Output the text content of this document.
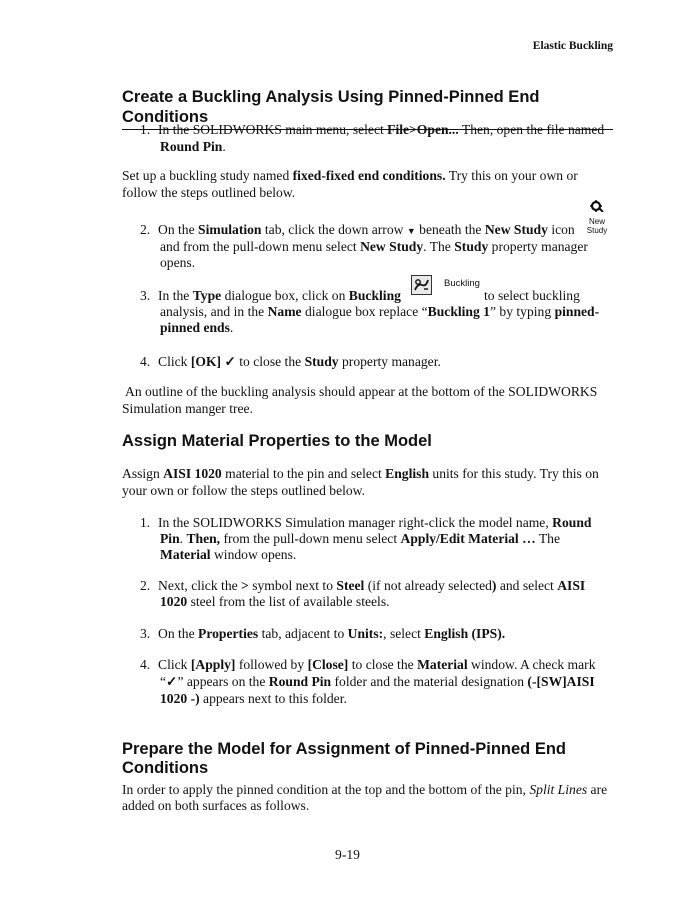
Elastic Buckling
Create a Buckling Analysis Using Pinned-Pinned End Conditions
1. In the SOLIDWORKS main menu, select File>Open... Then, open the file named
Round Pin.
Set up a buckling study named fixed-fixed end conditions. Try this on your own or follow the steps outlined below.
New
Study
2. On the Simulation tab, click the down arrow ▼ beneath the New Study icon
and from the pull-down menu select New Study. The Study property manager
opens.
Buckling
3. In the Type dialogue box, click on Buckling	to select buckling
analysis, and in the Name dialogue box replace “Buckling 1” by typing pinned-
pinned ends.
4. Click [OK] ✓ to close the Study property manager.
An outline of the buckling analysis should appear at the bottom of the SOLIDWORKS Simulation manger tree.
Assign Material Properties to the Model
Assign AISI 1020 material to the pin and select English units for this study. Try this on your own or follow the steps outlined below.
1. In the SOLIDWORKS Simulation manager right-click the model name, Round
Pin. Then, from the pull-down menu select Apply/Edit Material … The
Material window opens.
2. Next, click the > symbol next to Steel (if not already selected) and select AISI
1020 steel from the list of available steels.
3. On the Properties tab, adjacent to Units:, select English (IPS).
4. Click [Apply] followed by [Close] to close the Material window. A check mark
“✓” appears on the Round Pin folder and the material designation (-[SW]AISI
1020 -) appears next to this folder.
Prepare the Model for Assignment of Pinned-Pinned End
Conditions
In order to apply the pinned condition at the top and the bottom of the pin, Split Lines are
added on both surfaces as follows.
9-19
